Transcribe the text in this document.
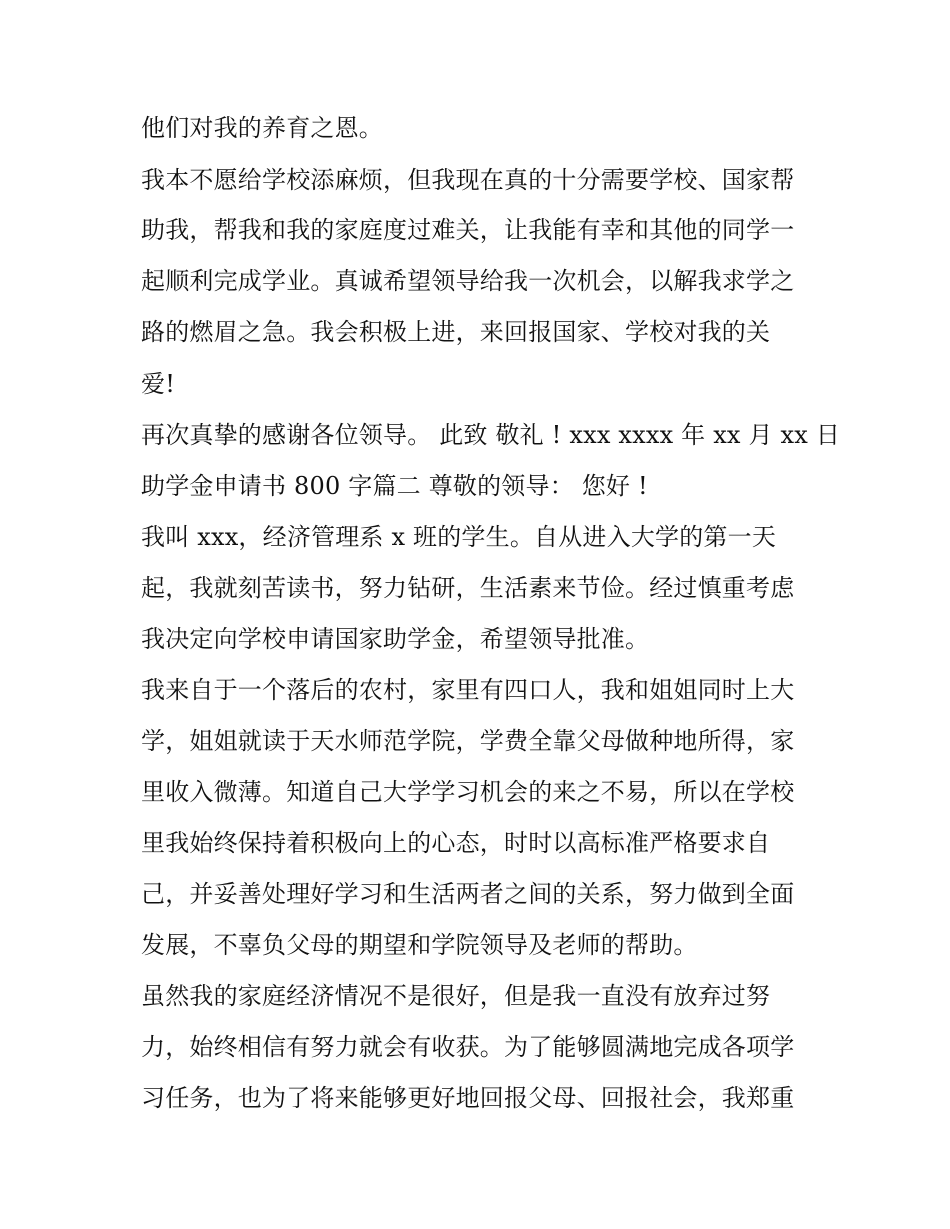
他们对我的养育之恩。
我本不愿给学校添麻烦，但我现在真的十分需要学校、国家帮
助我，帮我和我的家庭度过难关，让我能有幸和其他的同学一
起顺利完成学业。真诚希望领导给我一次机会，以解我求学之
路的燃眉之急。我会积极上进，来回报国家、学校对我的关
爱!
再次真挚的感谢各位领导。 此致 敬礼 ! xxx xxxx 年 xx 月 xx 日
助学金申请书 800 字篇二 尊敬的领导： 您好 !
我叫 xxx，经济管理系 x 班的学生。自从进入大学的第一天
起，我就刻苦读书，努力钻研，生活素来节俭。经过慎重考虑
我决定向学校申请国家助学金，希望领导批准。
我来自于一个落后的农村，家里有四口人，我和姐姐同时上大
学，姐姐就读于天水师范学院，学费全靠父母做种地所得，家
里收入微薄。知道自己大学学习机会的来之不易，所以在学校
里我始终保持着积极向上的心态，时时以高标准严格要求自
己，并妥善处理好学习和生活两者之间的关系，努力做到全面
发展，不辜负父母的期望和学院领导及老师的帮助。
虽然我的家庭经济情况不是很好，但是我一直没有放弃过努
力，始终相信有努力就会有收获。为了能够圆满地完成各项学
习任务，也为了将来能够更好地回报父母、回报社会，我郑重
